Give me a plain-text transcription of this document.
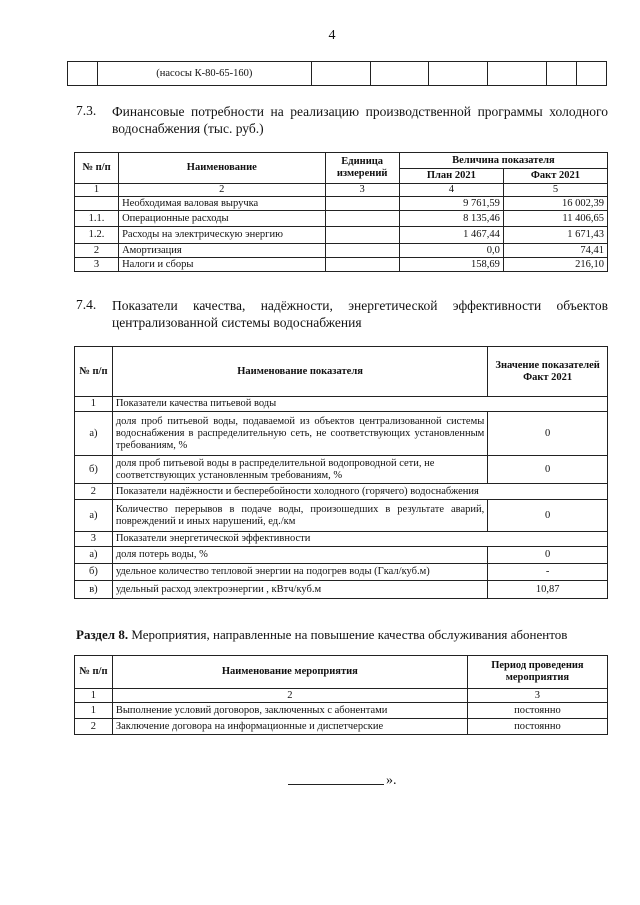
4
	(насосы К-80-65-160)						
7.3. Финансовые потребности на реализацию производственной программы холодного водоснабжения (тыс. руб.)
№ п/п	Наименование	Единица измерений	Величина показателя	
			План 2021	Факт 2021
1	2	3	4	5
	Необходимая валовая выручка		9 761,59	16 002,39
1.1.	Операционные расходы		8 135,46	11 406,65
1.2.	Расходы на электрическую энергию		1 467,44	1 671,43
2	Амортизация		0,0	74,41
3	Налоги и сборы		158,69	216,10
7.4. Показатели качества, надёжности, энергетической эффективности объектов централизованной системы водоснабжения
№ п/п	Наименование показателя	Значение показателей Факт 2021
1	Показатели качества питьевой воды	
а)	доля проб питьевой воды, подаваемой из объектов централизованной системы водоснабжения в распределительную сеть, не соответствующих установленным требованиям, %	0
б)	доля проб питьевой воды в распределительной водопроводной сети, не соответствующих установленным требованиям, %	0
2	Показатели надёжности и бесперебойности холодного (горячего) водоснабжения	
а)	Количество перерывов в подаче воды, произошедших в результате аварий, повреждений и иных нарушений, ед./км	0
3	Показатели энергетической эффективности	
а)	доля потерь воды, %	0
б)	удельное количество тепловой энергии на подогрев воды (Гкал/куб.м)	-
в)	удельный расход электроэнергии , кВтч/куб.м	10,87
Раздел 8. Мероприятия, направленные на повышение качества обслуживания абонентов
№ п/п	Наименование мероприятия	Период проведения мероприятия
1	2	3
1	Выполнение условий договоров, заключенных с абонентами	постоянно
2	Заключение договора на информационные и диспетчерские	постоянно
».
